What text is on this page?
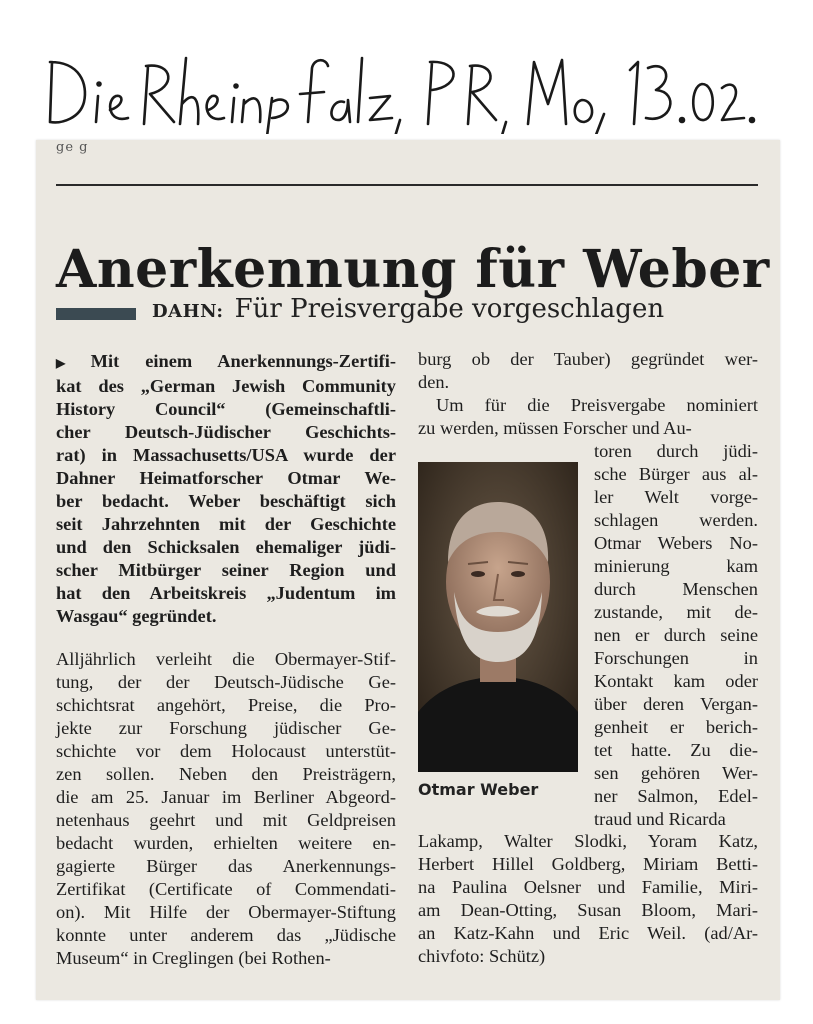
ge g
Anerkennung für Weber
DAHN: Für Preisvergabe vorgeschlagen

▶ Mit einem Anerkennungs-Zertifi-
kat des „German Jewish Community
History Council“ (Gemeinschaftli-
cher Deutsch-Jüdischer Geschichts-
rat) in Massachusetts/USA wurde der
Dahner Heimatforscher Otmar We-
ber bedacht. Weber beschäftigt sich
seit Jahrzehnten mit der Geschichte
und den Schicksalen ehemaliger jüdi-
scher Mitbürger seiner Region und
hat den Arbeitskreis „Judentum im
Wasgau“ gegründet.

Alljährlich verleiht die Obermayer-Stif-
tung, der der Deutsch-Jüdische Ge-
schichtsrat angehört, Preise, die Pro-
jekte zur Forschung jüdischer Ge-
schichte vor dem Holocaust unterstüt-
zen sollen. Neben den Preisträgern,
die am 25. Januar im Berliner Abgeord-
netenhaus geehrt und mit Geldpreisen
bedacht wurden, erhielten weitere en-
gagierte Bürger das Anerkennungs-
Zertifikat (Certificate of Commendati-
on). Mit Hilfe der Obermayer-Stiftung
konnte unter anderem das „Jüdische
Museum“ in Creglingen (bei Rothen-

burg ob der Tauber) gegründet wer-
den.
Um für die Preisvergabe nominiert
zu werden, müssen Forscher und Au-
Otmar Weber
toren durch jüdi-
sche Bürger aus al-
ler Welt vorge-
schlagen werden.
Otmar Webers No-
minierung kam
durch Menschen
zustande, mit de-
nen er durch seine
Forschungen in
Kontakt kam oder
über deren Vergan-
genheit er berich-
tet hatte. Zu die-
sen gehören Wer-
ner Salmon, Edel-
traud und Ricarda
Lakamp, Walter Slodki, Yoram Katz,
Herbert Hillel Goldberg, Miriam Betti-
na Paulina Oelsner und Familie, Miri-
am Dean-Otting, Susan Bloom, Mari-
an Katz-Kahn und Eric Weil. (ad/Ar-
chivfoto: Schütz)
